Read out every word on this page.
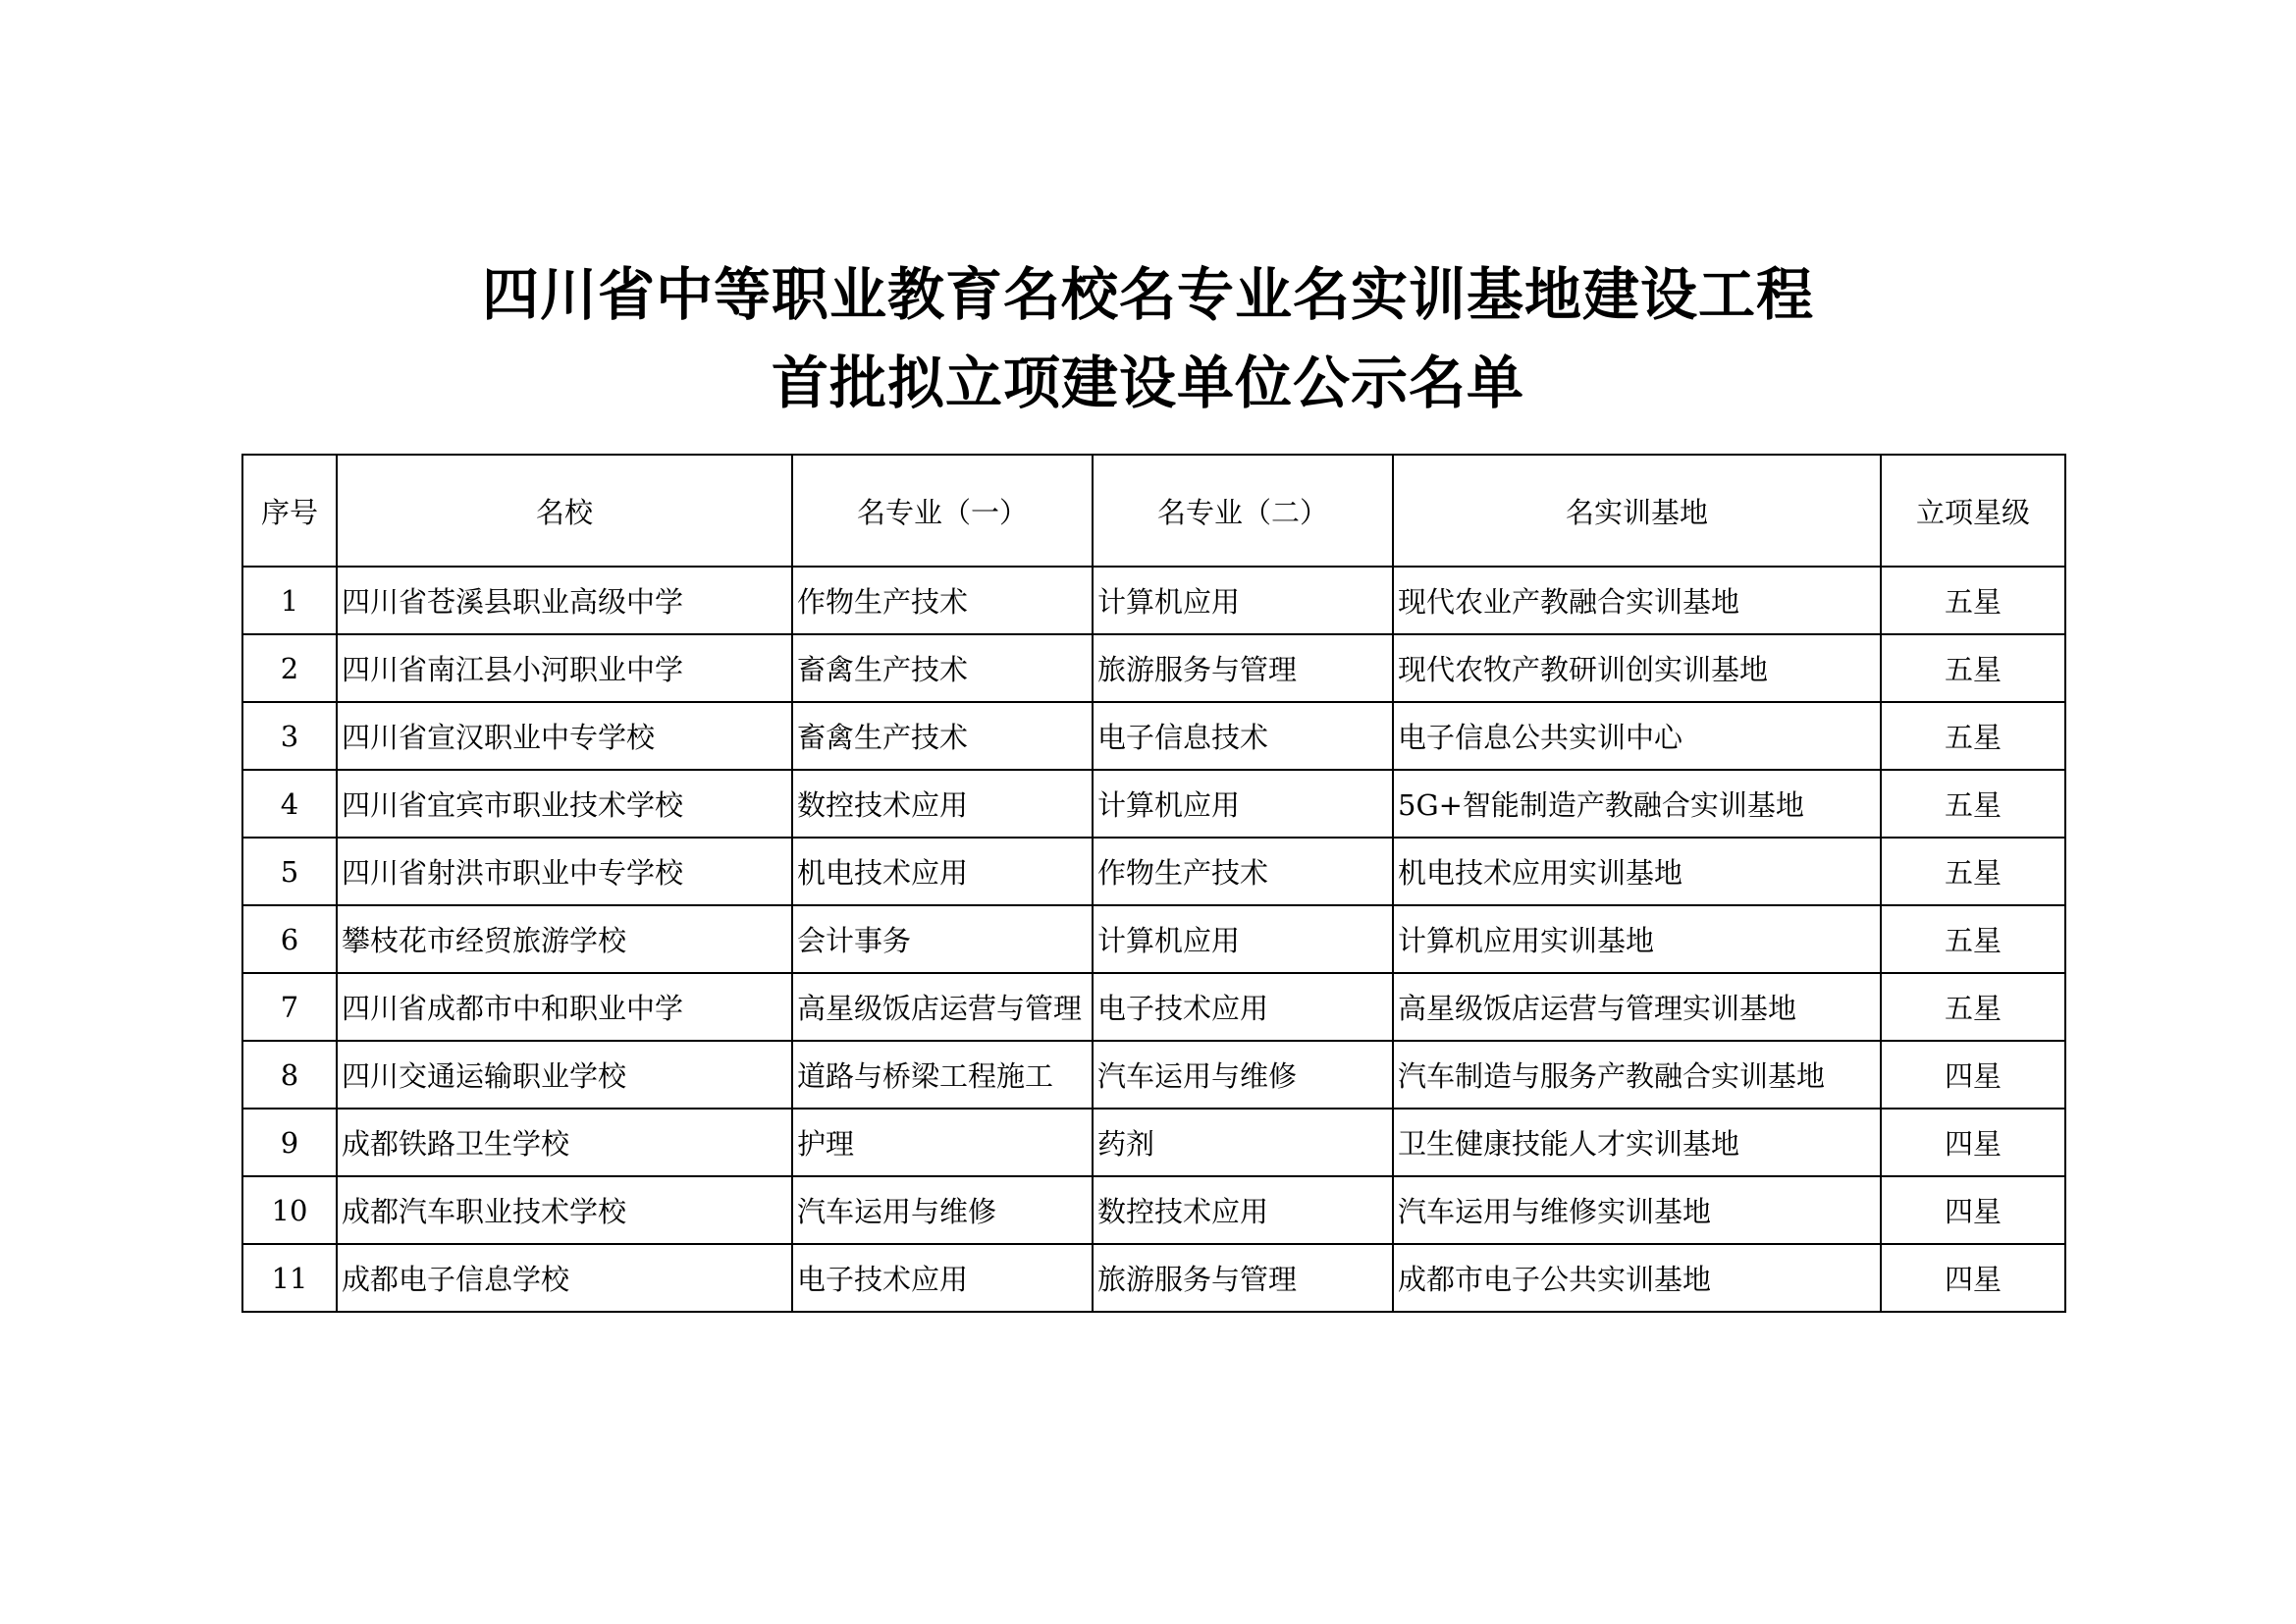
四川省中等职业教育名校名专业名实训基地建设工程
首批拟立项建设单位公示名单
序号	名校	名专业（一）	名专业（二）	名实训基地	立项星级
1	四川省苍溪县职业高级中学	作物生产技术	计算机应用	现代农业产教融合实训基地	五星
2	四川省南江县小河职业中学	畜禽生产技术	旅游服务与管理	现代农牧产教研训创实训基地	五星
3	四川省宣汉职业中专学校	畜禽生产技术	电子信息技术	电子信息公共实训中心	五星
4	四川省宜宾市职业技术学校	数控技术应用	计算机应用	5G+智能制造产教融合实训基地	五星
5	四川省射洪市职业中专学校	机电技术应用	作物生产技术	机电技术应用实训基地	五星
6	攀枝花市经贸旅游学校	会计事务	计算机应用	计算机应用实训基地	五星
7	四川省成都市中和职业中学	高星级饭店运营与管理	电子技术应用	高星级饭店运营与管理实训基地	五星
8	四川交通运输职业学校	道路与桥梁工程施工	汽车运用与维修	汽车制造与服务产教融合实训基地	四星
9	成都铁路卫生学校	护理	药剂	卫生健康技能人才实训基地	四星
10	成都汽车职业技术学校	汽车运用与维修	数控技术应用	汽车运用与维修实训基地	四星
11	成都电子信息学校	电子技术应用	旅游服务与管理	成都市电子公共实训基地	四星
